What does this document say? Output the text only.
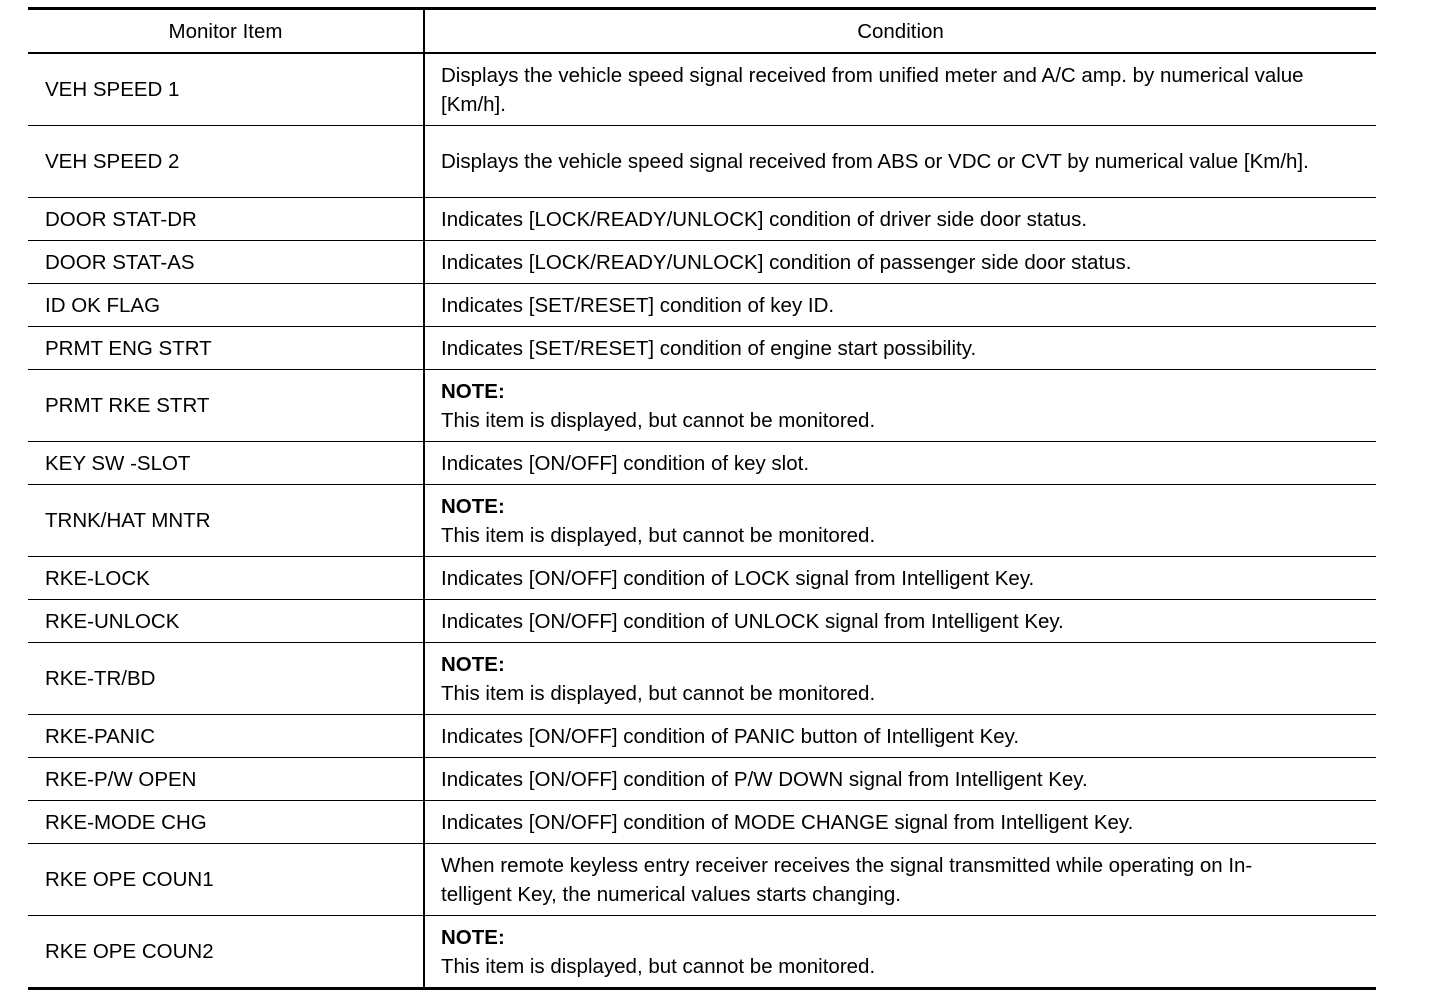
Monitor Item	Condition
VEH SPEED 1	Displays the vehicle speed signal received from unified meter and A/C amp. by numerical value [Km/h].
VEH SPEED 2	Displays the vehicle speed signal received from ABS or VDC or CVT by numerical value [Km/h].
DOOR STAT-DR	Indicates [LOCK/READY/UNLOCK] condition of driver side door status.
DOOR STAT-AS	Indicates [LOCK/READY/UNLOCK] condition of passenger side door status.
ID OK FLAG	Indicates [SET/RESET] condition of key ID.
PRMT ENG STRT	Indicates [SET/RESET] condition of engine start possibility.
PRMT RKE STRT	NOTE:
This item is displayed, but cannot be monitored.

KEY SW -SLOT	Indicates [ON/OFF] condition of key slot.
TRNK/HAT MNTR	NOTE:
This item is displayed, but cannot be monitored.

RKE-LOCK	Indicates [ON/OFF] condition of LOCK signal from Intelligent Key.
RKE-UNLOCK	Indicates [ON/OFF] condition of UNLOCK signal from Intelligent Key.
RKE-TR/BD	NOTE:
This item is displayed, but cannot be monitored.

RKE-PANIC	Indicates [ON/OFF] condition of PANIC button of Intelligent Key.
RKE-P/W OPEN	Indicates [ON/OFF] condition of P/W DOWN signal from Intelligent Key.
RKE-MODE CHG	Indicates [ON/OFF] condition of MODE CHANGE signal from Intelligent Key.
RKE OPE COUN1	When remote keyless entry receiver receives the signal transmitted while operating on In-
telligent Key, the numerical values starts changing.

RKE OPE COUN2	NOTE:
This item is displayed, but cannot be monitored.
